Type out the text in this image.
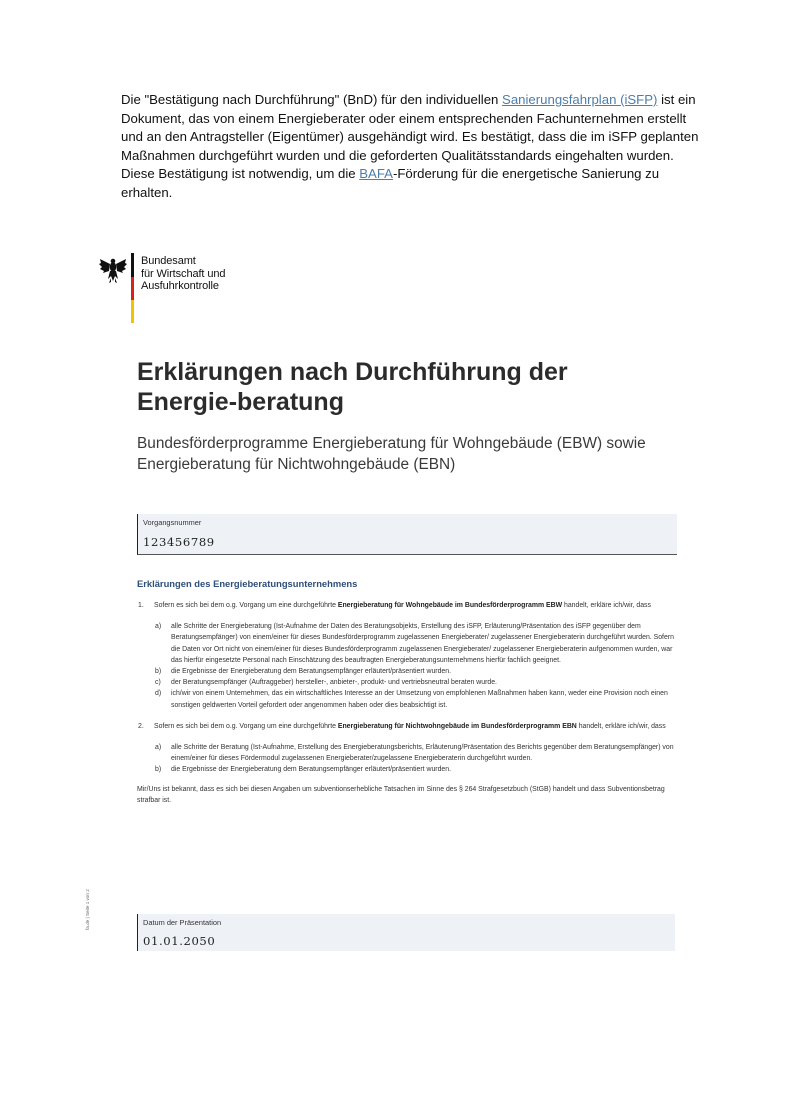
Die "Bestätigung nach Durchführung" (BnD) für den individuellen Sanierungsfahrplan (iSFP) ist ein Dokument, das von einem Energieberater oder einem entsprechenden Fachunternehmen erstellt und an den Antragsteller (Eigentümer) ausgehändigt wird. Es bestätigt, dass die im iSFP geplanten Maßnahmen durchgeführt wurden und die geforderten Qualitätsstandards eingehalten wurden. Diese Bestätigung ist notwendig, um die BAFA-Förderung für die energetische Sanierung zu erhalten.
Bundesamt
für Wirtschaft und
Ausfuhrkontrolle
Erklärungen nach Durchführung der Energie-beratung

Bundesförderprogramme Energieberatung für Wohngebäude (EBW) sowie Energieberatung für Nichtwohngebäude (EBN)

Vorgangsnummer
123456789
Erklärungen des Energieberatungsunternehmens
1. Sofern es sich bei dem o.g. Vorgang um eine durchgeführte Energieberatung für Wohngebäude im Bundesförderprogramm EBW handelt, erkläre ich/wir, dass
a) alle Schritte der Energieberatung (Ist-Aufnahme der Daten des Beratungsobjekts, Erstellung des iSFP, Erläuterung/Präsentation des iSFP gegenüber dem Beratungsempfänger) von einem/einer für dieses Bundesförderprogramm zugelassenen Energieberater/ zugelassener Energieberaterin durchgeführt wurden. Sofern die Daten vor Ort nicht von einem/einer für dieses Bundesförderprogramm zugelassenen Energieberater/ zugelassener Energieberaterin aufgenommen wurden, war das hierfür eingesetzte Personal nach Einschätzung des beauftragten Energieberatungsunternehmens hierfür fachlich geeignet.
b) die Ergebnisse der Energieberatung dem Beratungsempfänger erläutert/präsentiert wurden.
c) der Beratungsempfänger (Auftraggeber) hersteller-, anbieter-, produkt- und vertriebsneutral beraten wurde.
d) ich/wir von einem Unternehmen, das ein wirtschaftliches Interesse an der Umsetzung von empfohlenen Maßnahmen haben kann, weder eine Provision noch einen sonstigen geldwerten Vorteil gefordert oder angenommen haben oder dies beabsichtigt ist.
2. Sofern es sich bei dem o.g. Vorgang um eine durchgeführte Energieberatung für Nichtwohngebäude im Bundesförderprogramm EBN handelt, erkläre ich/wir, dass
a) alle Schritte der Beratung (Ist-Aufnahme, Erstellung des Energieberatungsberichts, Erläuterung/Präsentation des Berichts gegenüber dem Beratungsempfänger) von einem/einer für dieses Fördermodul zugelassenen Energieberater/zugelassene Energieberaterin durchgeführt wurden.
b) die Ergebnisse der Energieberatung dem Beratungsempfänger erläutert/präsentiert wurden.
Mir/Uns ist bekannt, dass es sich bei diesen Angaben um subventionserhebliche Tatsachen im Sinne des § 264 Strafgesetzbuch (StGB) handelt und dass Subventionsbetrag strafbar ist.
fa.de | Seite 1 von 2	Datum der Präsentation
01.01.2050
